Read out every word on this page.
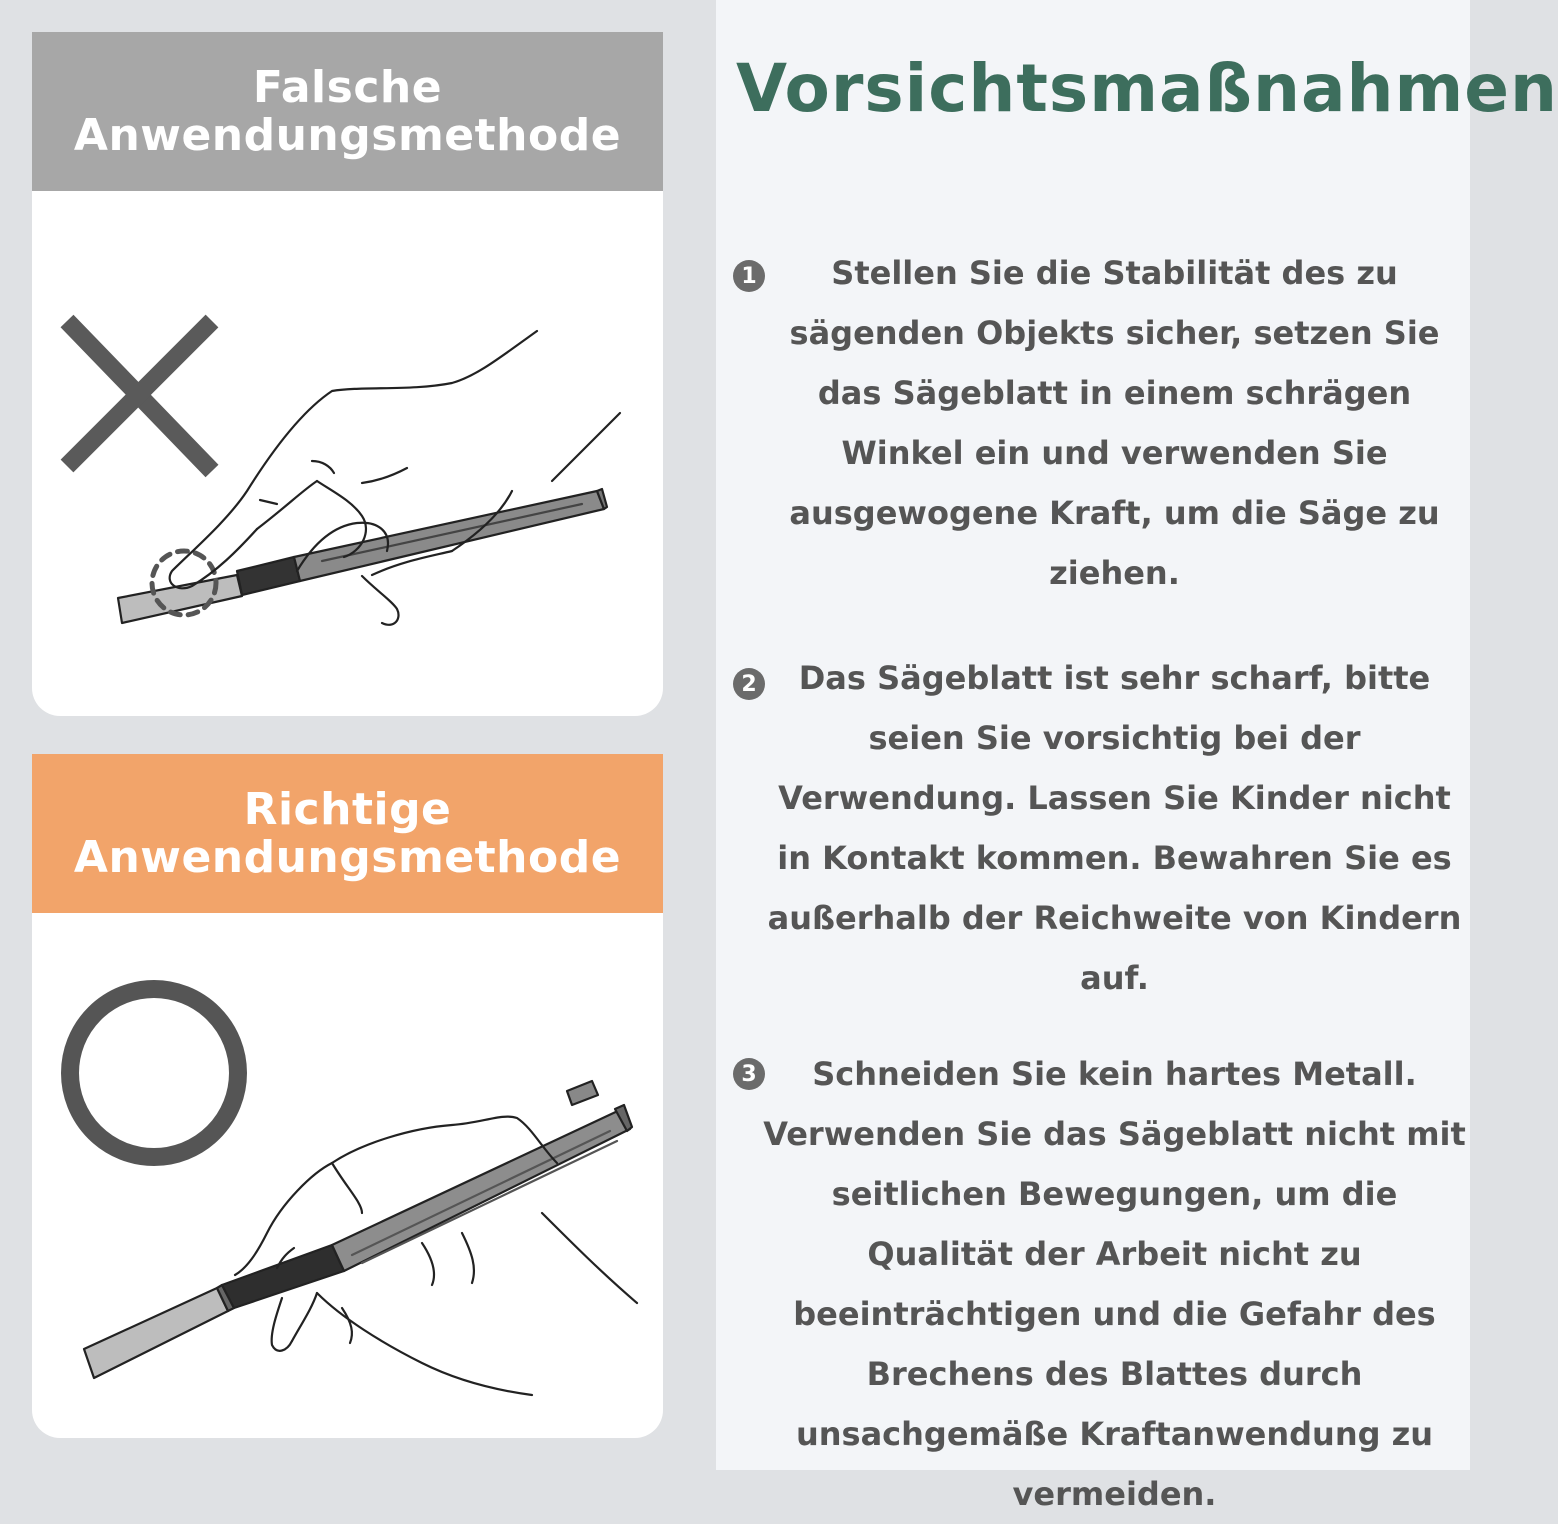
Falsche
Anwendungsmethode
Richtige
Anwendungsmethode
Vorsichtsmaßnahmen
1	Stellen Sie die Stabilität des zu sägenden Objekts sicher, setzen Sie das Sägeblatt in einem schrägen Winkel ein und verwenden Sie ausgewogene Kraft, um die Säge zu ziehen.
2	Das Sägeblatt ist sehr scharf, bitte seien Sie vorsichtig bei der Verwendung. Lassen Sie Kinder nicht in Kontakt kommen. Bewahren Sie es außerhalb der Reichweite von Kindern auf.
3	Schneiden Sie kein hartes Metall. Verwenden Sie das Sägeblatt nicht mit seitlichen Bewegungen, um die Qualität der Arbeit nicht zu beeinträchtigen und die Gefahr des Brechens des Blattes durch unsachgemäße Kraftanwendung zu vermeiden.
